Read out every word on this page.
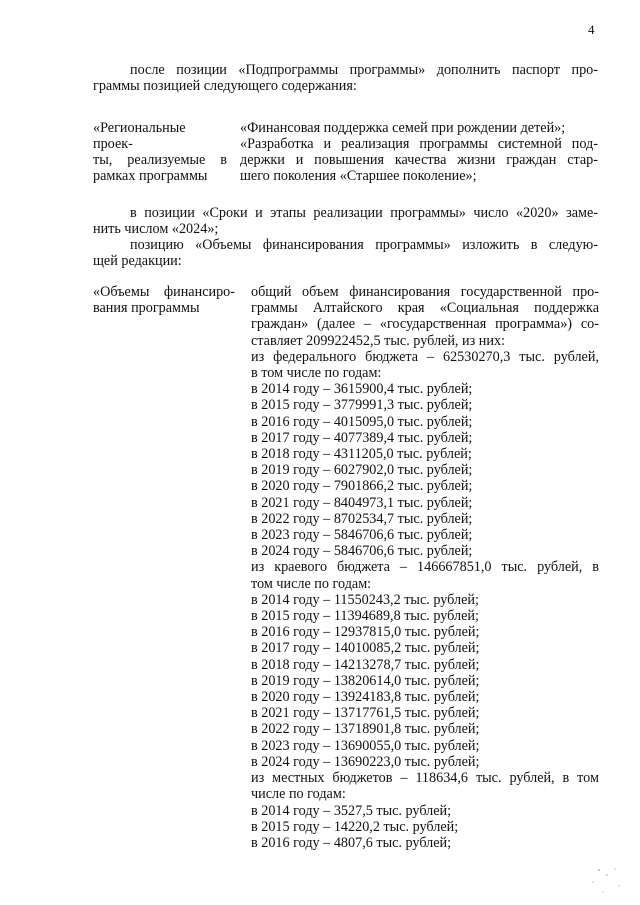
4
после позиции «Подпрограммы программы» дополнить паспорт про-
граммы позицией следующего содержания:
«Региональные проек-
ты, реализуемые в
рамках программы
«Финансовая поддержка семей при рождении детей»;
«Разработка и реализация программы системной под-
держки и повышения качества жизни граждан стар-
шего поколения «Старшее поколение»;
в позиции «Сроки и этапы реализации программы» число «2020» заме-
нить числом «2024»;
позицию «Объемы финансирования программы» изложить в следую-
щей редакции:
«Объемы финансиро-
вания программы
общий объем финансирования государственной про-
граммы Алтайского края «Социальная поддержка
граждан» (далее – «государственная программа») со-
ставляет 209922452,5 тыс. рублей, из них:
из федерального бюджета – 62530270,3 тыс. рублей,
в том числе по годам:
в 2014 году – 3615900,4 тыс. рублей;
в 2015 году – 3779991,3 тыс. рублей;
в 2016 году – 4015095,0 тыс. рублей;
в 2017 году – 4077389,4 тыс. рублей;
в 2018 году – 4311205,0 тыс. рублей;
в 2019 году – 6027902,0 тыс. рублей;
в 2020 году – 7901866,2 тыс. рублей;
в 2021 году – 8404973,1 тыс. рублей;
в 2022 году – 8702534,7 тыс. рублей;
в 2023 году – 5846706,6 тыс. рублей;
в 2024 году – 5846706,6 тыс. рублей;
из краевого бюджета – 146667851,0 тыс. рублей, в
том числе по годам:
в 2014 году – 11550243,2 тыс. рублей;
в 2015 году – 11394689,8 тыс. рублей;
в 2016 году – 12937815,0 тыс. рублей;
в 2017 году – 14010085,2 тыс. рублей;
в 2018 году – 14213278,7 тыс. рублей;
в 2019 году – 13820614,0 тыс. рублей;
в 2020 году – 13924183,8 тыс. рублей;
в 2021 году – 13717761,5 тыс. рублей;
в 2022 году – 13718901,8 тыс. рублей;
в 2023 году – 13690055,0 тыс. рублей;
в 2024 году – 13690223,0 тыс. рублей;
из местных бюджетов – 118634,6 тыс. рублей, в том
числе по годам:
в 2014 году – 3527,5 тыс. рублей;
в 2015 году – 14220,2 тыс. рублей;
в 2016 году – 4807,6 тыс. рублей;
